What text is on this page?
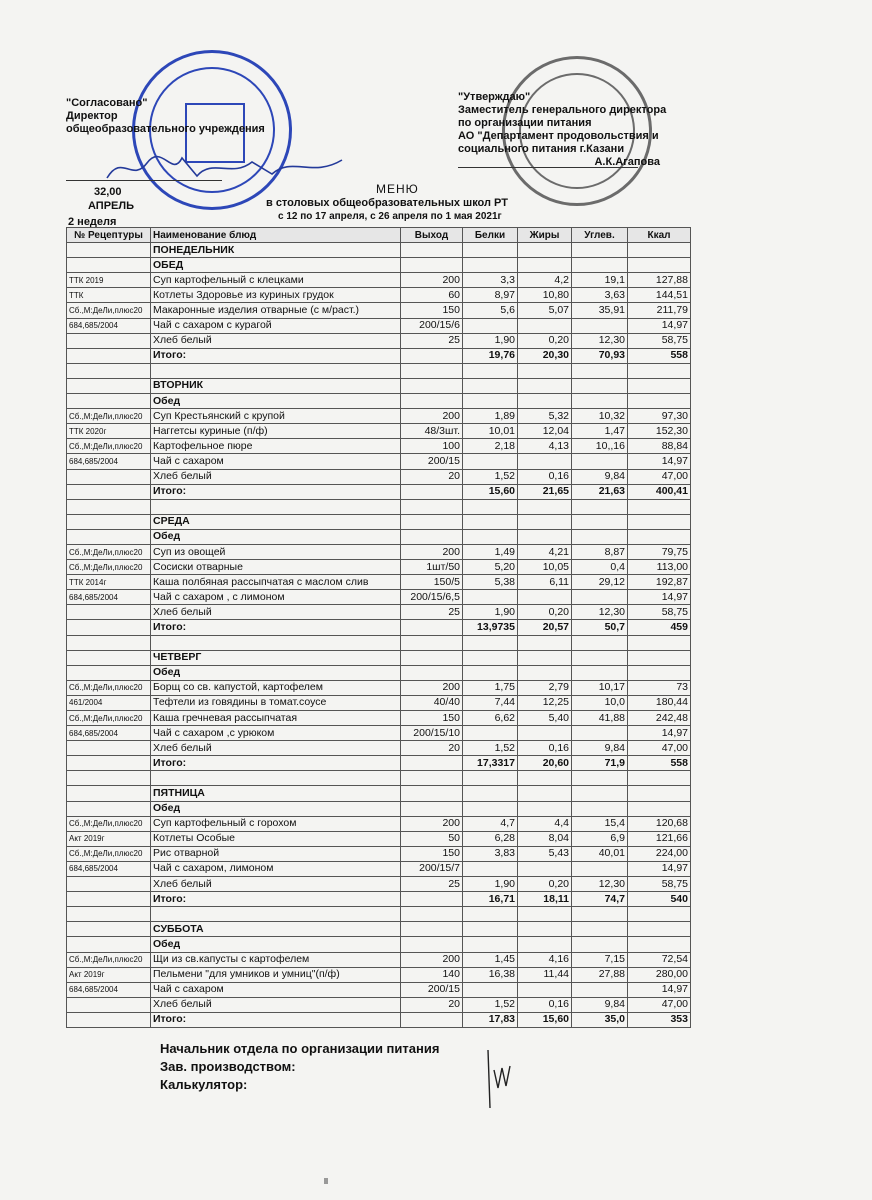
"Согласовано"
Директор
общеобразовательного учреждения
"Утверждаю"
Заместитель генерального директора
по организации питания
АО "Департамент продовольствия и
социального питания г.Казани
А.К.Агапова
32,00
АПРЕЛЬ
2 неделя
МЕНЮ
в столовых общеобразовательных школ РТ
с 12 по 17 апреля, с 26 апреля по 1 мая 2021г
№ Рецептуры	Наименование блюд	Выход	Белки	Жиры	Углев.	Ккал
	ПОНЕДЕЛЬНИК					
	ОБЕД					
ТТК 2019	Суп картофельный с клецками	200	3,3	4,2	19,1	127,88
ТТК	Котлеты Здоровье из куриных грудок	60	8,97	10,80	3,63	144,51
Сб.,М:ДеЛи,плюс20	Макаронные изделия отварные (с м/раст.)	150	5,6	5,07	35,91	211,79
684,685/2004	Чай с сахаром с курагой	200/15/6				14,97
	Хлеб белый	25	1,90	0,20	12,30	58,75
	Итого:		19,76	20,30	70,93	558

	ВТОРНИК					
	Обед					
Сб.,М:ДеЛи,плюс20	Суп Крестьянский с крупой	200	1,89	5,32	10,32	97,30
ТТК 2020г	Наггетсы куриные (п/ф)	48/3шт.	10,01	12,04	1,47	152,30
Сб.,М:ДеЛи,плюс20	Картофельное пюре	100	2,18	4,13	10,,16	88,84
684,685/2004	Чай с сахаром	200/15				14,97
	Хлеб белый	20	1,52	0,16	9,84	47,00
	Итого:		15,60	21,65	21,63	400,41

	СРЕДА					
	Обед					
Сб.,М:ДеЛи,плюс20	Суп из овощей	200	1,49	4,21	8,87	79,75
Сб.,М:ДеЛи,плюс20	Сосиски отварные	1шт/50	5,20	10,05	0,4	113,00
ТТК 2014г	Каша полбяная рассыпчатая с маслом слив	150/5	5,38	6,11	29,12	192,87
684,685/2004	Чай с сахаром , с лимоном	200/15/6,5				14,97
	Хлеб белый	25	1,90	0,20	12,30	58,75
	Итого:		13,9735	20,57	50,7	459

	ЧЕТВЕРГ					
	Обед					
Сб.,М:ДеЛи,плюс20	Борщ со св. капустой, картофелем	200	1,75	2,79	10,17	73
461/2004	Тефтели из говядины в томат.соусе	40/40	7,44	12,25	10,0	180,44
Сб.,М:ДеЛи,плюс20	Каша гречневая рассыпчатая	150	6,62	5,40	41,88	242,48
684,685/2004	Чай с сахаром ,с урюком	200/15/10				14,97
	Хлеб белый	20	1,52	0,16	9,84	47,00
	Итого:		17,3317	20,60	71,9	558

	ПЯТНИЦА					
	Обед					
Сб.,М:ДеЛи,плюс20	Суп картофельный с горохом	200	4,7	4,4	15,4	120,68
Акт 2019г	Котлеты Особые	50	6,28	8,04	6,9	121,66
Сб.,М:ДеЛи,плюс20	Рис отварной	150	3,83	5,43	40,01	224,00
684,685/2004	Чай с сахаром, лимоном	200/15/7				14,97
	Хлеб белый	25	1,90	0,20	12,30	58,75
	Итого:		16,71	18,11	74,7	540

	СУББОТА					
	Обед					
Сб.,М:ДеЛи,плюс20	Щи из св.капусты с картофелем	200	1,45	4,16	7,15	72,54
Акт 2019г	Пельмени "для умников и умниц"(п/ф)	140	16,38	11,44	27,88	280,00
684,685/2004	Чай с сахаром	200/15				14,97
	Хлеб белый	20	1,52	0,16	9,84	47,00
	Итого:		17,83	15,60	35,0	353
Начальник отдела по организации питания
Зав. производством:
Калькулятор:
